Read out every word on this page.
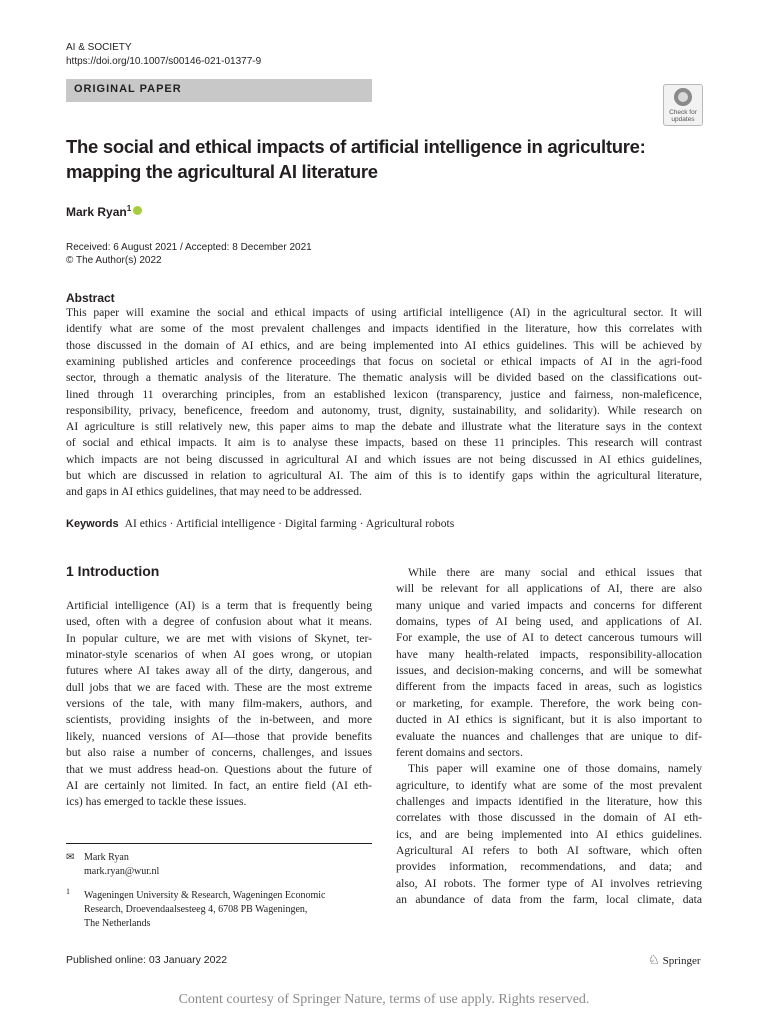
AI & SOCIETY
https://doi.org/10.1007/s00146-021-01377-9
ORIGINAL PAPER
Check for
updates
The social and ethical impacts of artificial intelligence in agriculture:
mapping the agricultural AI literature
Mark Ryan$^1$
Received: 6 August 2021 / Accepted: 8 December 2021
© The Author(s) 2022
Abstract
This paper will examine the social and ethical impacts of using artificial intelligence (AI) in the agricultural sector. It will
identify what are some of the most prevalent challenges and impacts identified in the literature, how this correlates with
those discussed in the domain of AI ethics, and are being implemented into AI ethics guidelines. This will be achieved by
examining published articles and conference proceedings that focus on societal or ethical impacts of AI in the agri-food
sector, through a thematic analysis of the literature. The thematic analysis will be divided based on the classifications out-
lined through 11 overarching principles, from an established lexicon (transparency, justice and fairness, non-maleficence,
responsibility, privacy, beneficence, freedom and autonomy, trust, dignity, sustainability, and solidarity). While research on
AI agriculture is still relatively new, this paper aims to map the debate and illustrate what the literature says in the context
of social and ethical impacts. It aim is to analyse these impacts, based on these 11 principles. This research will contrast
which impacts are not being discussed in agricultural AI and which issues are not being discussed in AI ethics guidelines,
but which are discussed in relation to agricultural AI. The aim of this is to identify gaps within the agricultural literature,
and gaps in AI ethics guidelines, that may need to be addressed.
Keywords AI ethics · Artificial intelligence · Digital farming · Agricultural robots
1 Introduction
Artificial intelligence (AI) is a term that is frequently being
used, often with a degree of confusion about what it means.
In popular culture, we are met with visions of Skynet, ter-
minator-style scenarios of when AI goes wrong, or utopian
futures where AI takes away all of the dirty, dangerous, and
dull jobs that we are faced with. These are the most extreme
versions of the tale, with many film-makers, authors, and
scientists, providing insights of the in-between, and more
likely, nuanced versions of AI—those that provide benefits
but also raise a number of concerns, challenges, and issues
that we must address head-on. Questions about the future of
AI are certainly not limited. In fact, an entire field (AI eth-
ics) has emerged to tackle these issues.
While there are many social and ethical issues that
will be relevant for all applications of AI, there are also
many unique and varied impacts and concerns for different
domains, types of AI being used, and applications of AI.
For example, the use of AI to detect cancerous tumours will
have many health-related impacts, responsibility-allocation
issues, and decision-making concerns, and will be somewhat
different from the impacts faced in areas, such as logistics
or marketing, for example. Therefore, the work being con-
ducted in AI ethics is significant, but it is also important to
evaluate the nuances and challenges that are unique to dif-
ferent domains and sectors.
This paper will examine one of those domains, namely
agriculture, to identify what are some of the most prevalent
challenges and impacts identified in the literature, how this
correlates with those discussed in the domain of AI eth-
ics, and are being implemented into AI ethics guidelines.
Agricultural AI refers to both AI software, which often
provides information, recommendations, and data; and
also, AI robots. The former type of AI involves retrieving
an abundance of data from the farm, local climate, data
✉ Mark Ryan
mark.ryan@wur.nl
1 Wageningen University & Research, Wageningen Economic
Research, Droevendaalsesteeg 4, 6708 PB Wageningen,
The Netherlands
Published online: 03 January 2022	♘ Springer
Content courtesy of Springer Nature, terms of use apply. Rights reserved.
